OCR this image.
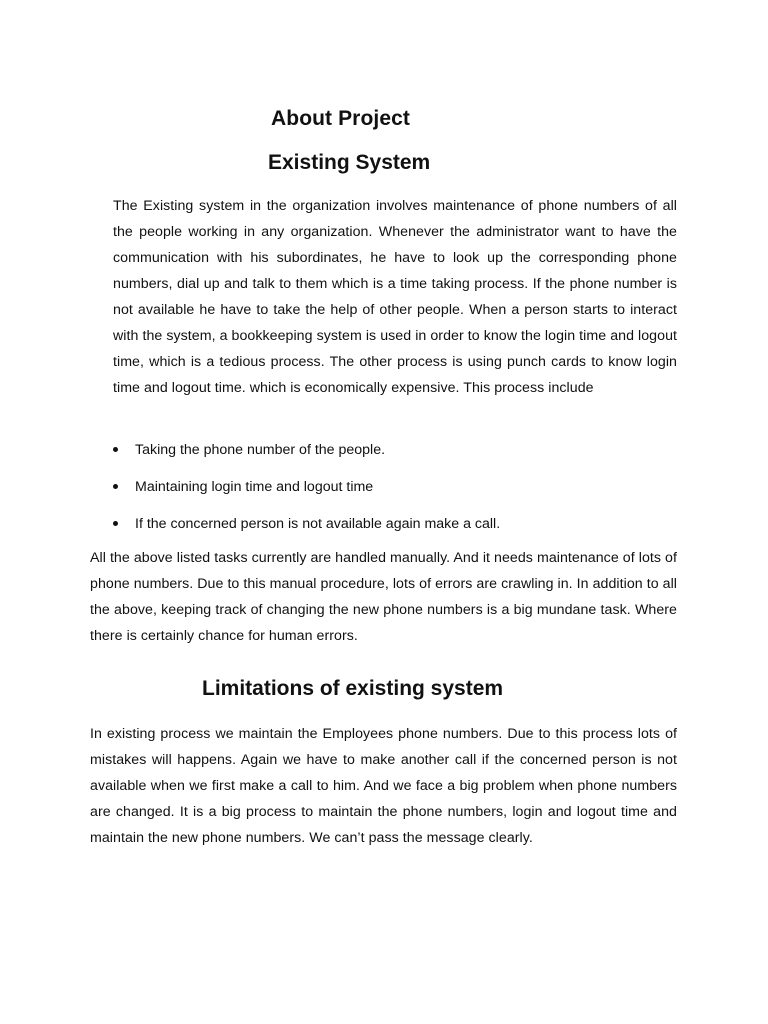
About Project
Existing System

The Existing system in the organization involves maintenance of phone numbers of all the people working in any organization. Whenever the administrator want to have the communication with his subordinates, he have to look up the corresponding phone numbers, dial up and talk to them which is a time taking process. If the phone number is not available he have to take the help of other people. When a person starts to interact with the system, a bookkeeping system is used in order to know the login time and logout time, which is a tedious process. The other process is using punch cards to know login time and logout time. which is economically expensive. This process include

Taking the phone number of the people.
Maintaining login time and logout time
If the concerned person is not available again make a call.

All the above listed tasks currently are handled manually. And it needs maintenance of lots of phone numbers. Due to this manual procedure, lots of errors are crawling in. In addition to all the above, keeping track of changing the new phone numbers is a big mundane task. Where there is certainly chance for human errors.

Limitations of existing system

In existing process we maintain the Employees phone numbers. Due to this process lots of mistakes will happens. Again we have to make another call if the concerned person is not available when we first make a call to him. And we face a big problem when phone numbers are changed. It is a big process to maintain the phone numbers, login and logout time and maintain the new phone numbers. We can’t pass the message clearly.
